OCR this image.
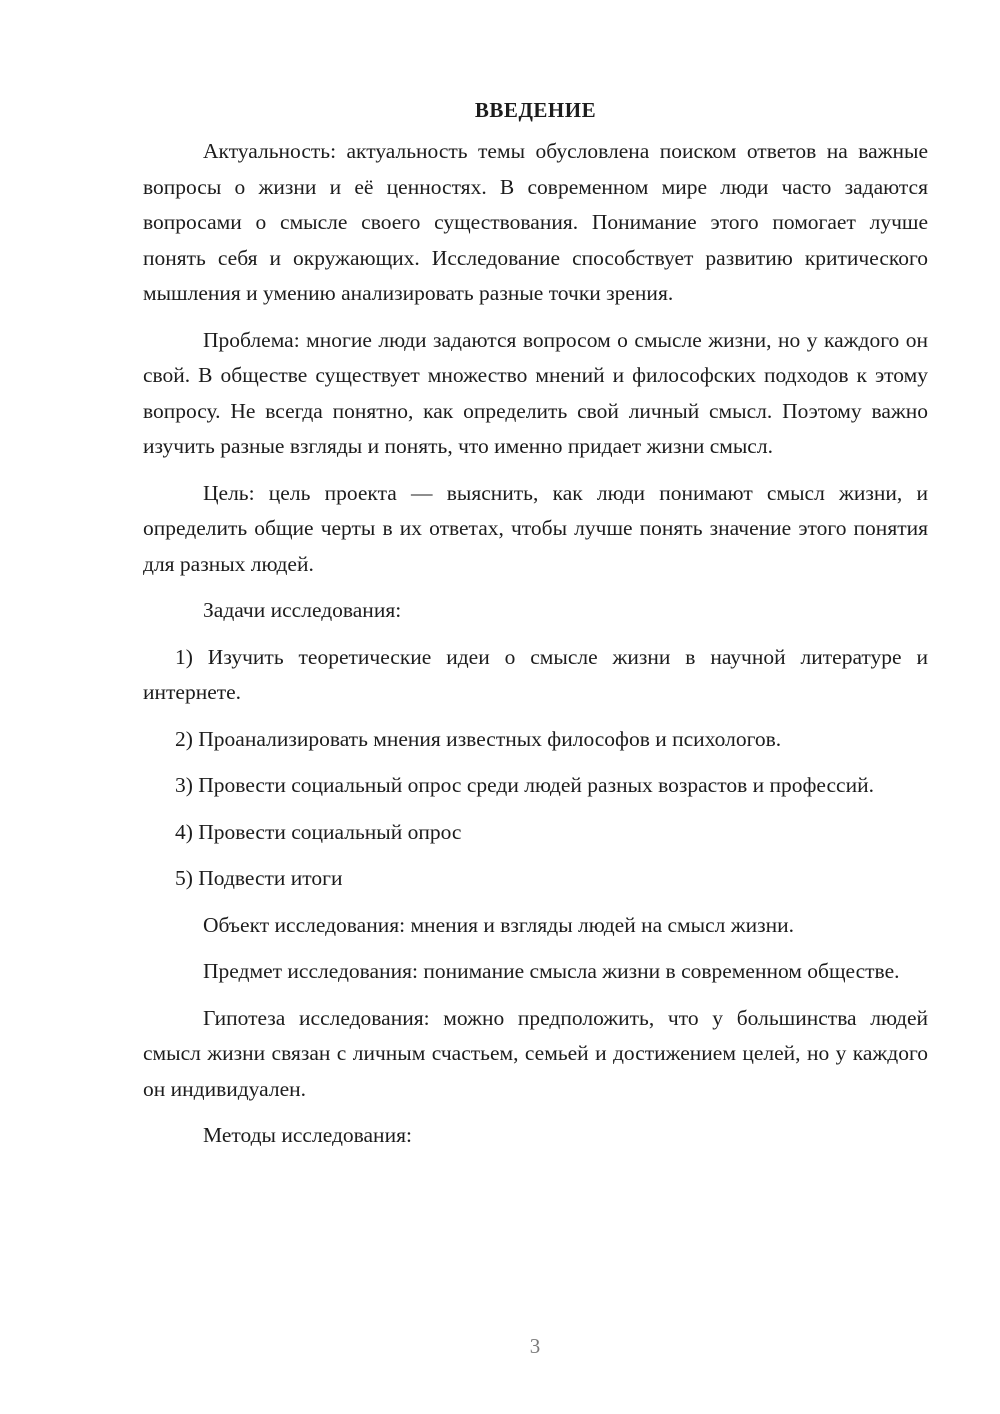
ВВЕДЕНИЕ

Актуальность: актуальность темы обусловлена поиском ответов на важные вопросы о жизни и её ценностях. В современном мире люди часто задаются вопросами о смысле своего существования. Понимание этого помогает лучше понять себя и окружающих. Исследование способствует развитию критического мышления и умению анализировать разные точки зрения.

Проблема: многие люди задаются вопросом о смысле жизни, но у каждого он свой. В обществе существует множество мнений и философских подходов к этому вопросу. Не всегда понятно, как определить свой личный смысл. Поэтому важно изучить разные взгляды и понять, что именно придает жизни смысл.

Цель: цель проекта — выяснить, как люди понимают смысл жизни, и определить общие черты в их ответах, чтобы лучше понять значение этого понятия для разных людей.

Задачи исследования:

1) Изучить теоретические идеи о смысле жизни в научной литературе и интернете.

2) Проанализировать мнения известных философов и психологов.

3) Провести социальный опрос среди людей разных возрастов и профессий.

4) Провести социальный опрос

5) Подвести итоги

Объект исследования: мнения и взгляды людей на смысл жизни.

Предмет исследования: понимание смысла жизни в современном обществе.

Гипотеза исследования: можно предположить, что у большинства людей смысл жизни связан с личным счастьем, семьей и достижением целей, но у каждого он индивидуален.

Методы исследования:

3
